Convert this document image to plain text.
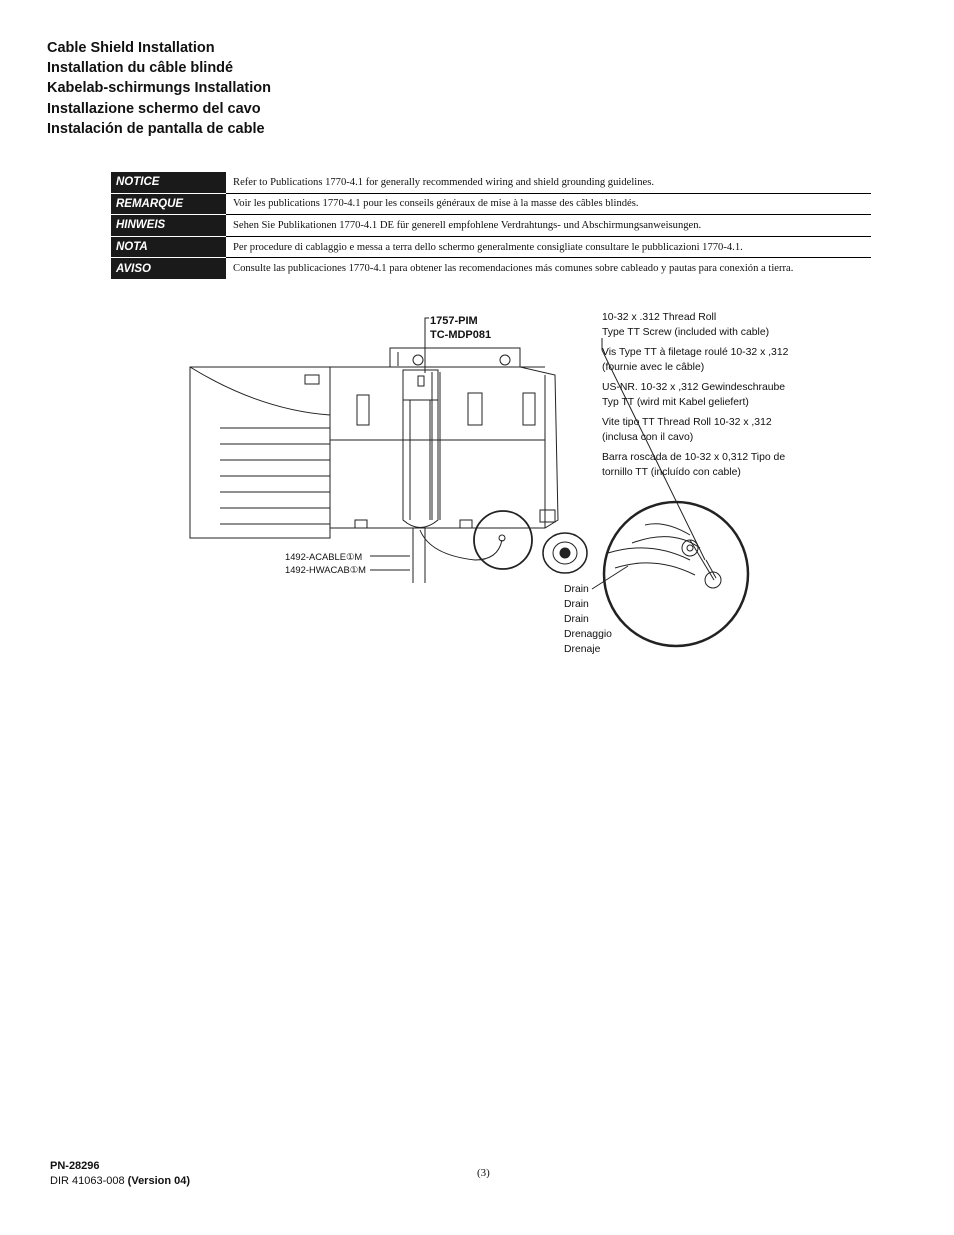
Cable Shield Installation
Installation du câble blindé
Kabelab-schirmungs Installation
Installazione schermo del cavo
Instalación de pantalla de cable
NOTICE	Refer to Publications 1770-4.1 for generally recommended wiring and shield grounding guidelines.
REMARQUE	Voir les publications 1770-4.1 pour les conseils généraux de mise à la masse des câbles blindés.
HINWEIS	Sehen Sie Publikationen 1770-4.1 DE für generell empfohlene Verdrahtungs- und Abschirmungsanweisungen.
NOTA	Per procedure di cablaggio e messa a terra dello schermo generalmente consigliate consultare le pubblicazioni 1770-4.1.
AVISO	Consulte las publicaciones 1770-4.1 para obtener las recomendaciones más comunes sobre cableado y pautas para conexión a tierra.
1757-PIM
TC-MDP081
10-32 x .312 Thread Roll
Type TT Screw (included with cable)
Vis Type TT à filetage roulé 10-32 x ,312
(fournie avec le câble)
US-NR. 10-32 x ,312 Gewindeschraube
Typ TT (wird mit Kabel geliefert)
Vite tipo TT Thread Roll 10-32 x ,312
(inclusa con il cavo)
Barra roscada de 10-32 x 0,312 Tipo de
tornillo TT (incluído con cable)
Drain
Drain
Drain
Drenaggio
Drenaje
1492-ACABLE①M
1492-HWACAB①M
PN-28296
DIR 41063-008 (Version 04)
(3)
